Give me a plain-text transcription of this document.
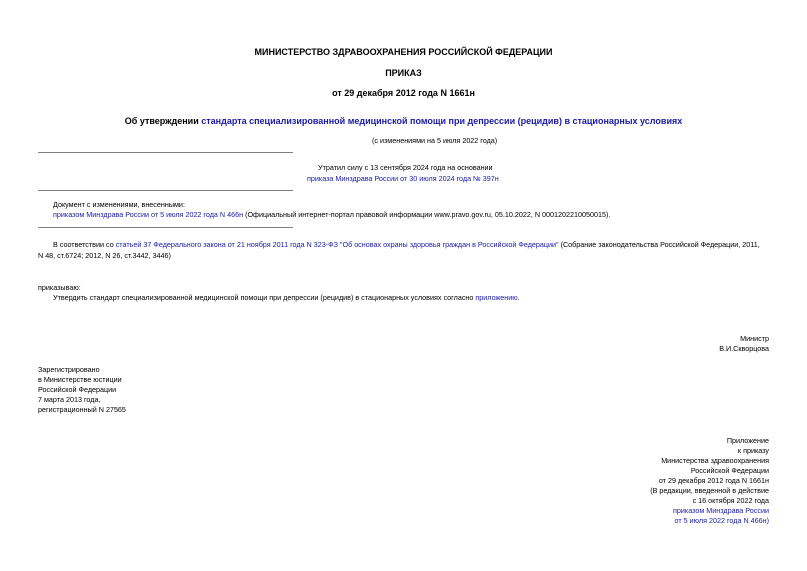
МИНИСТЕРСТВО ЗДРАВООХРАНЕНИЯ РОССИЙСКОЙ ФЕДЕРАЦИИ
ПРИКАЗ
от 29 декабря 2012 года N 1661н
Об утверждении стандарта специализированной медицинской помощи при депрессии (рецидив) в стационарных условиях
(с изменениями на 5 июля 2022 года)
Утратил силу с 13 сентября 2024 года на основании
приказа Минздрава России от 30 июля 2024 года № 397н
Документ с изменениями, внесенными:
приказом Минздрава России от 5 июля 2022 года N 466н (Официальный интернет-портал правовой информации www.pravo.gov.ru, 05.10.2022, N 0001202210050015).
В соответствии со статьей 37 Федерального закона от 21 ноября 2011 года N 323-ФЗ "Об основах охраны здоровья граждан в Российской Федерации" (Собрание законодательства Российской Федерации, 2011,
N 48, ст.6724; 2012, N 26, ст.3442, 3446)
приказываю:
Утвердить стандарт специализированной медицинской помощи при депрессии (рецидив) в стационарных условиях согласно приложению.
Министр
В.И.Скворцова
Зарегистрировано
в Министерстве юстиции
Российской Федерации
7 марта 2013 года,
регистрационный N 27565
Приложение
к приказу
Министерства здравоохранения
Российской Федерации
от 29 декабря 2012 года N 1661н
(В редакции, введенной в действие
с 16 октября 2022 года
приказом Минздрава России
от 5 июля 2022 года N 466н)
